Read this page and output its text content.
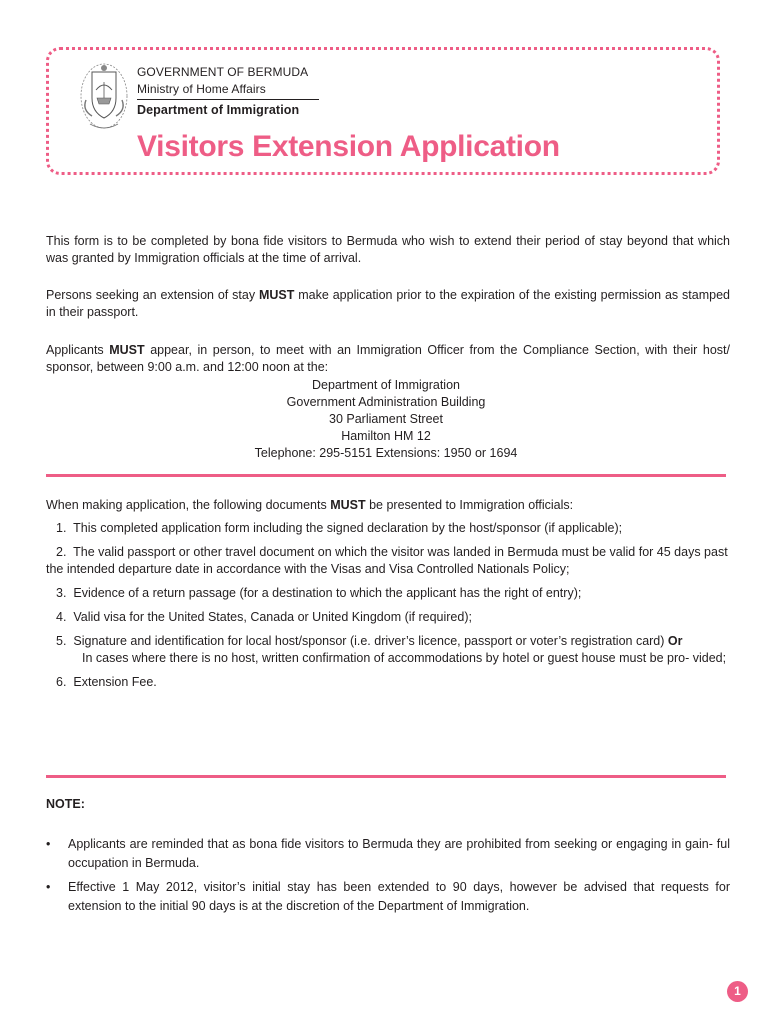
GOVERNMENT OF BERMUDA
Ministry of Home Affairs
Department of Immigration
Visitors Extension Application

This form is to be completed by bona fide visitors to Bermuda who wish to extend their period of stay beyond that which was granted by Immigration officials at the time of arrival.

Persons seeking an extension of stay MUST make application prior to the expiration of the existing permission as stamped in their passport.

Applicants MUST appear, in person, to meet with an Immigration Officer from the Compliance Section, with their host/ sponsor, between 9:00 a.m. and 12:00 noon at the:

Department of Immigration
Government Administration Building
30 Parliament Street
Hamilton HM 12
Telephone: 295-5151 Extensions: 1950 or 1694

When making application, the following documents MUST be presented to Immigration officials:

1. This completed application form including the signed declaration by the host/sponsor (if applicable);
2. The valid passport or other travel document on which the visitor was landed in Bermuda must be valid for 45 days past the intended departure date in accordance with the Visas and Visa Controlled Nationals Policy;
3. Evidence of a return passage (for a destination to which the applicant has the right of entry);
4. Valid visa for the United States, Canada or United Kingdom (if required);
5. Signature and identification for local host/sponsor (i.e. driver’s licence, passport or voter’s registration card) Or
In cases where there is no host, written confirmation of accommodations by hotel or guest house must be pro- vided;
6. Extension Fee.

NOTE:

• Applicants are reminded that as bona fide visitors to Bermuda they are prohibited from seeking or engaging in gain- ful occupation in Bermuda.
• Effective 1 May 2012, visitor’s initial stay has been extended to 90 days, however be advised that requests for extension to the initial 90 days is at the discretion of the Department of Immigration.
1
